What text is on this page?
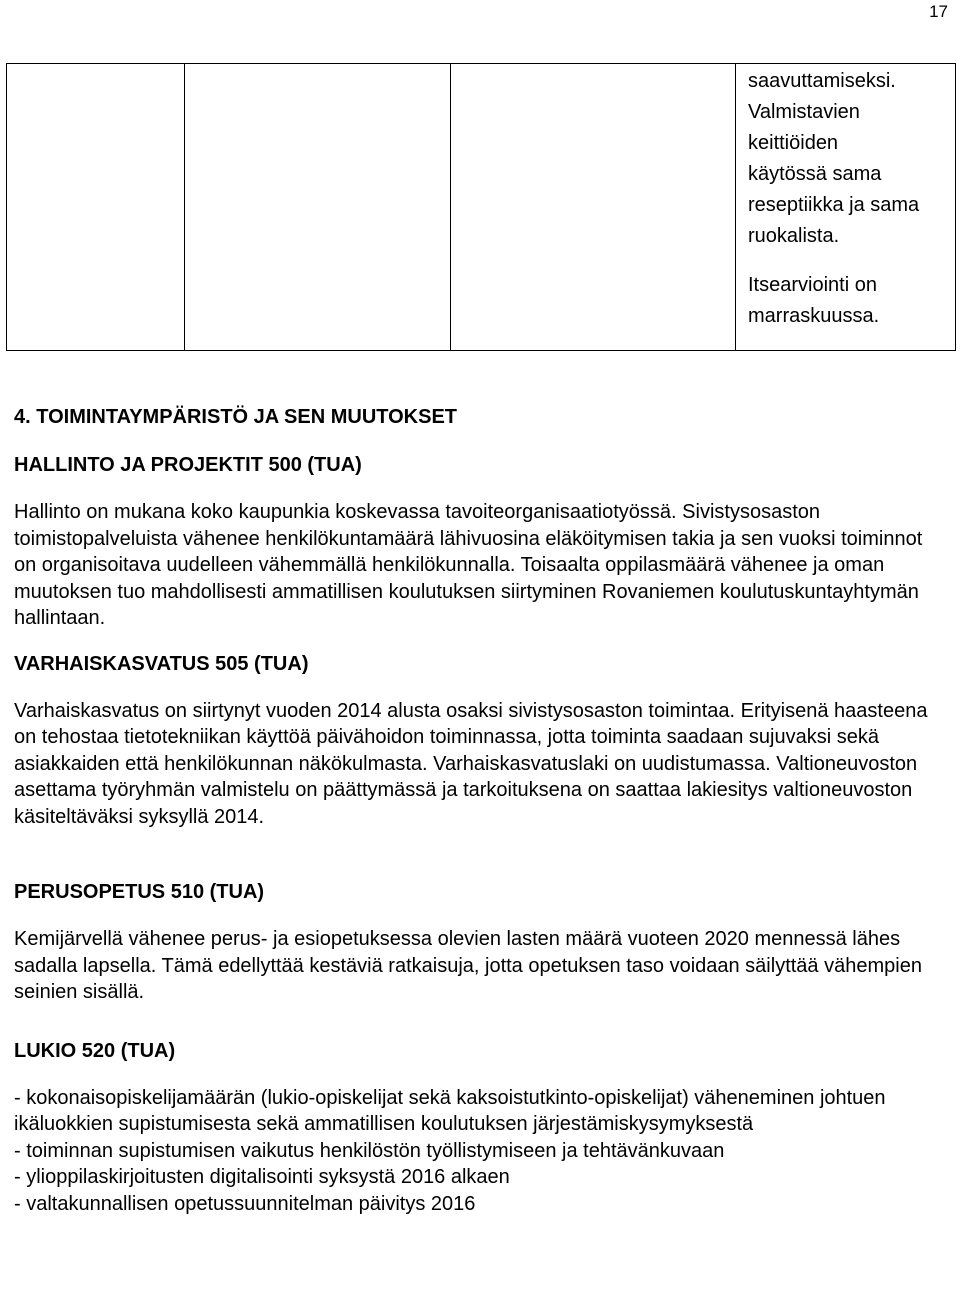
17
saavuttamiseksi.
Valmistavien
keittiöiden
käytössä sama
reseptiikka ja sama
ruokalista.
Itsearviointi on
marraskuussa.
4. TOIMINTAYMPÄRISTÖ JA SEN MUUTOKSET
HALLINTO JA PROJEKTIT 500 (TUA)

Hallinto on mukana koko kaupunkia koskevassa tavoiteorganisaatiotyössä. Sivistysosaston toimistopalveluista vähenee henkilökuntamäärä lähivuosina eläköitymisen takia ja sen vuoksi toiminnot on organisoitava uudelleen vähemmällä henkilökunnalla. Toisaalta oppilasmäärä vähenee ja oman muutoksen tuo mahdollisesti ammatillisen koulutuksen siirtyminen Rovaniemen koulutuskuntayhtymän hallintaan.

VARHAISKASVATUS 505 (TUA)

Varhaiskasvatus on siirtynyt vuoden 2014 alusta osaksi sivistysosaston toimintaa. Erityisenä haasteena on tehostaa tietotekniikan käyttöä päivähoidon toiminnassa, jotta toiminta saadaan sujuvaksi sekä asiakkaiden että henkilökunnan näkökulmasta. Varhaiskasvatuslaki on uudistumassa. Valtioneuvoston asettama työryhmän valmistelu on päättymässä ja tarkoituksena on saattaa lakiesitys valtioneuvoston käsiteltäväksi syksyllä 2014.

PERUSOPETUS 510 (TUA)

Kemijärvellä vähenee perus- ja esiopetuksessa olevien lasten määrä vuoteen 2020 mennessä lähes sadalla lapsella. Tämä edellyttää kestäviä ratkaisuja, jotta opetuksen taso voidaan säilyttää vähempien seinien sisällä.

LUKIO 520 (TUA)
- kokonaisopiskelijamäärän (lukio-opiskelijat sekä kaksoistutkinto-opiskelijat) väheneminen johtuen ikäluokkien supistumisesta sekä ammatillisen koulutuksen järjestämiskysymyksestä
- toiminnan supistumisen vaikutus henkilöstön työllistymiseen ja tehtävänkuvaan
- ylioppilaskirjoitusten digitalisointi syksystä 2016 alkaen
- valtakunnallisen opetussuunnitelman päivitys 2016
